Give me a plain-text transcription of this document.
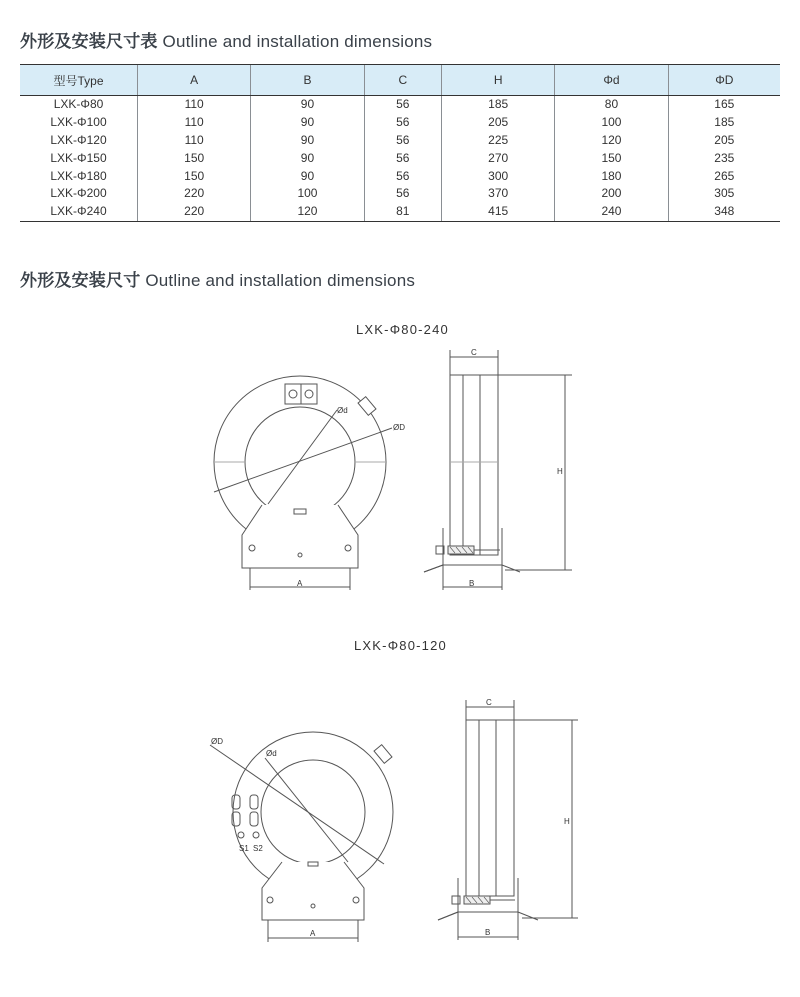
外形及安装尺寸表 Outline and installation dimensions
型号Type	A	B	C	H	Φd	ΦD
LXK-Φ80	110	90	56	185	80	165
LXK-Φ100	110	90	56	205	100	185
LXK-Φ120	110	90	56	225	120	205
LXK-Φ150	150	90	56	270	150	235
LXK-Φ180	150	90	56	300	180	265
LXK-Φ200	220	100	56	370	200	305
LXK-Φ240	220	120	81	415	240	348
外形及安装尺寸 Outline and installation dimensions
LXK-Φ80-240
A
Ød
ØD
C
H
B
LXK-Φ80-120
S1 S2
ØD
Ød
A
C
H
B
